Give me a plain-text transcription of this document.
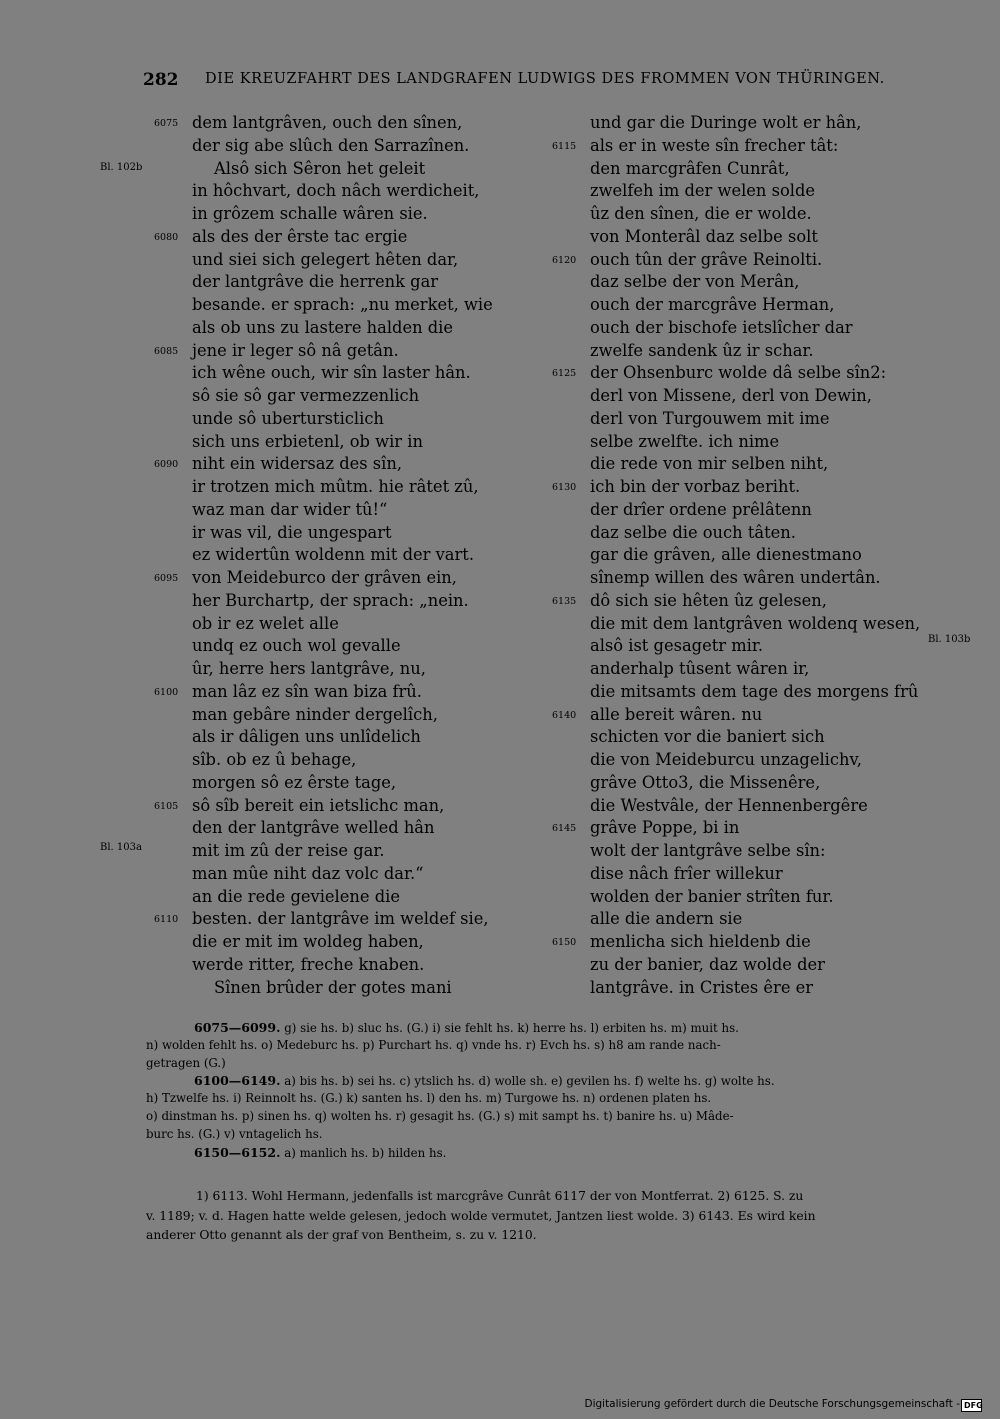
282 DIE KREUZFAHRT DES LANDGRAFEN LUDWIGS DES FROMMEN VON THÜRINGEN.
Bl. 102b
Bl. 103a
Bl. 103b
6075 dem lantgrâven, ouch den sînen,
der sig abe slûch den Sarrazînen.
Alsô sich Sêron het geleit
in hôchvart, doch nâch werdicheit,
in grôzem schalle wâren sie.
6080 als des der êrste tac ergie
und siei sich gelegert hêten dar,
der lantgrâve die herrenk gar
besande. er sprach: „nu merket, wie
als ob uns zu lastere halden die
6085 jene ir leger sô nâ getân.
ich wêne ouch, wir sîn laster hân.
sô sie sô gar vermezzenlich
unde sô ubertursticlich
sich uns erbietenl, ob wir in
6090 niht ein widersaz des sîn,
ir trotzen mich mûtm. hie râtet zû,
waz man dar wider tû!“
ir was vil, die ungespart
ez widertûn woldenn mit der vart.
6095 von Meideburco der grâven ein,
her Burchartp, der sprach: „nein.
ob ir ez welet alle
undq ez ouch wol gevalle
ûr, herre hers lantgrâve, nu,
6100 man lâz ez sîn wan biza frû.
man gebâre ninder dergelîch,
als ir dâligen uns unlîdelich
sîb. ob ez û behage,
morgen sô ez êrste tage,
6105 sô sîb bereit ein ietslichc man,
den der lantgrâve welled hân
mit im zû der reise gar.
man mûe niht daz volc dar.“
an die rede gevielene die
6110 besten. der lantgrâve im weldef sie,
die er mit im woldeg haben,
werde ritter, freche knaben.
Sînen brûder der gotes mani
und gar die Duringe wolt er hân,
6115 als er in weste sîn frecher tât:
den marcgrâfen Cunrât,
zwelfeh im der welen solde
ûz den sînen, die er wolde.
von Monterâl daz selbe solt
6120 ouch tûn der grâve Reinolti.
daz selbe der von Merân,
ouch der marcgrâve Herman,
ouch der bischofe ietslîcher dar
zwelfe sandenk ûz ir schar.
6125 der Ohsenburc wolde dâ selbe sîn2:
derl von Missene, derl von Dewin,
derl von Turgouwem mit ime
selbe zwelfte. ich nime
die rede von mir selben niht,
6130 ich bin der vorbaz beriht.
der drîer ordene prêlâtenn
daz selbe die ouch tâten.
gar die grâven, alle dienestmano
sînemp willen des wâren undertân.
6135 dô sich sie hêten ûz gelesen,
die mit dem lantgrâven woldenq wesen,
alsô ist gesagetr mir.
anderhalp tûsent wâren ir,
die mitsamts dem tage des morgens frû
6140 alle bereit wâren. nu
schicten vor die baniert sich
die von Meideburcu unzagelichv,
grâve Otto3, die Missenêre,
die Westvâle, der Hennenbergêre
6145 grâve Poppe, bi in
wolt der lantgrâve selbe sîn:
dise nâch frîer willekur
wolden der banier strîten fur.
alle die andern sie
6150 menlicha sich hieldenb die
zu der banier, daz wolde der
lantgrâve. in Cristes êre er
6075—6099. g) sie hs. b) sluc hs. (G.) i) sie fehlt hs. k) herre hs. l) erbiten hs. m) muit hs.
n) wolden fehlt hs. o) Medeburc hs. p) Purchart hs. q) vnde hs. r) Evch hs. s) h8 am rande nach-
getragen (G.)
6100—6149. a) bis hs. b) sei hs. c) ytslich hs. d) wolle sh. e) gevilen hs. f) welte hs. g) wolte hs.
h) Tzwelfe hs. i) Reinnolt hs. (G.) k) santen hs. l) den hs. m) Turgowe hs. n) ordenen platen hs.
o) dinstman hs. p) sinen hs. q) wolten hs. r) gesagit hs. (G.) s) mit sampt hs. t) banire hs. u) Mâde-
burc hs. (G.) v) vntagelich hs.
6150—6152. a) manlich hs. b) hilden hs.
1) 6113. Wohl Hermann, jedenfalls ist marcgrâve Cunrât 6117 der von Montferrat. 2) 6125. S. zu
v. 1189; v. d. Hagen hatte welde gelesen, jedoch wolde vermutet, Jantzen liest wolde. 3) 6143. Es wird kein
anderer Otto genannt als der graf von Bentheim, s. zu v. 1210.
Digitalisierung gefördert durch die Deutsche Forschungsgemeinschaft - DFG
